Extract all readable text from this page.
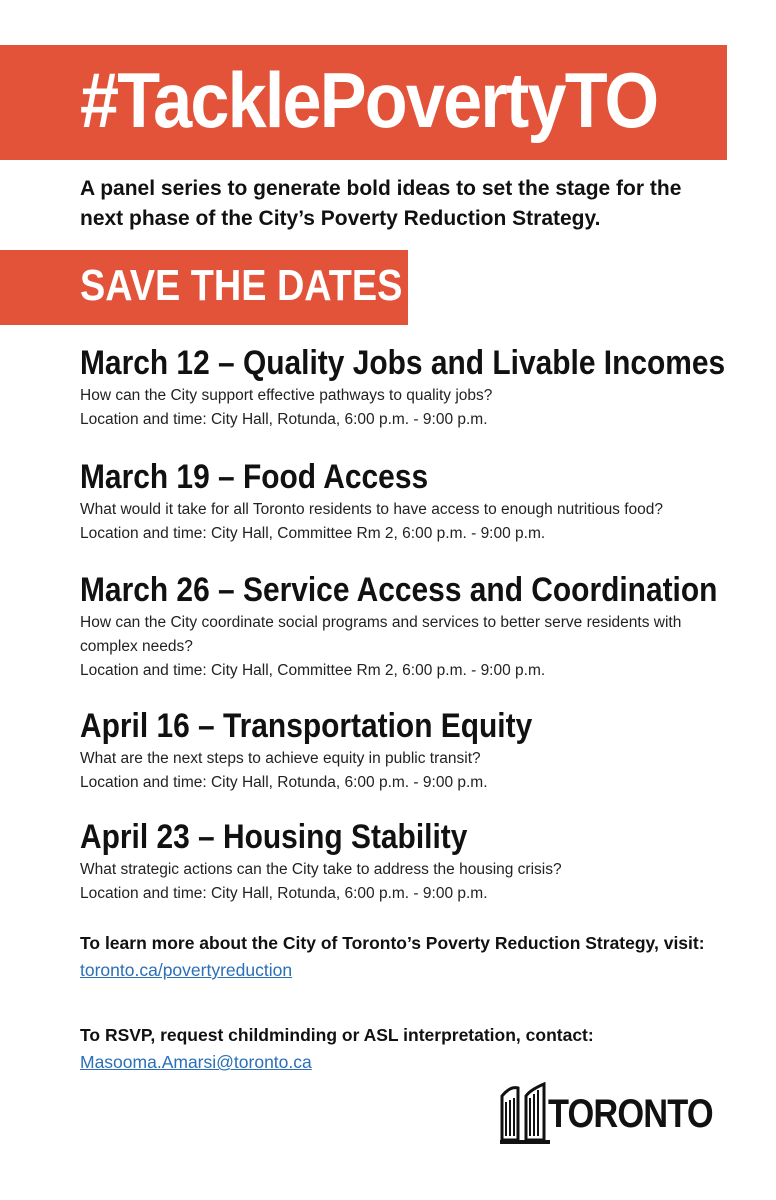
#TacklePovertyTO
A panel series to generate bold ideas to set the stage for the next phase of the City’s Poverty Reduction Strategy.
SAVE THE DATES
March 12 – Quality Jobs and Livable Incomes

How can the City support effective pathways to quality jobs?

Location and time: City Hall, Rotunda, 6:00 p.m. - 9:00 p.m.

March 19 – Food Access

What would it take for all Toronto residents to have access to enough nutritious food?

Location and time: City Hall, Committee Rm 2, 6:00 p.m. - 9:00 p.m.

March 26 – Service Access and Coordination

How can the City coordinate social programs and services to better serve residents with complex needs?

Location and time: City Hall, Committee Rm 2, 6:00 p.m. - 9:00 p.m.

April 16 – Transportation Equity

What are the next steps to achieve equity in public transit?

Location and time: City Hall, Rotunda, 6:00 p.m. - 9:00 p.m.

April 23 – Housing Stability

What strategic actions can the City take to address the housing crisis?

Location and time: City Hall, Rotunda, 6:00 p.m. - 9:00 p.m.

To learn more about the City of Toronto’s Poverty Reduction Strategy, visit:
toronto.ca/povertyreduction
To RSVP, request childminding or ASL interpretation, contact:
Masooma.Amarsi@toronto.ca
TORONTO
